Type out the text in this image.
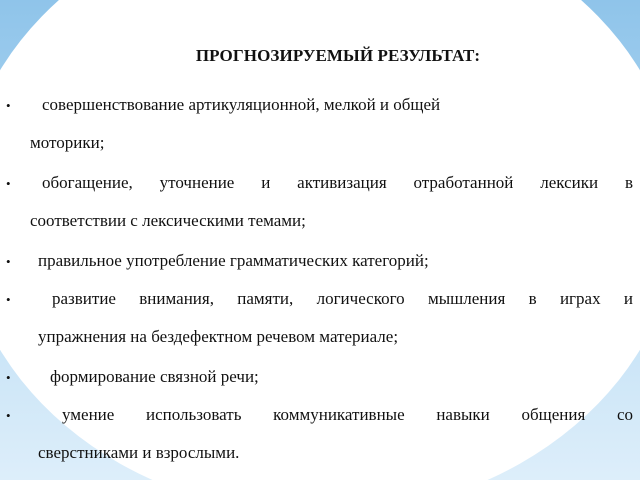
ПРОГНОЗИРУЕМЫЙ РЕЗУЛЬТАТ:
• совершенствование артикуляционной, мелкой и общей
моторики;
• обогащение, уточнение и активизация отработанной лексики в
соответствии с лексическими темами;
• правильное употребление грамматических категорий;
• развитие внимания, памяти, логического мышления в играх и
упражнения на бездефектном речевом материале;
• формирование связной речи;
•	умение использовать коммуникативные навыки общения со
сверстниками и взрослыми.
